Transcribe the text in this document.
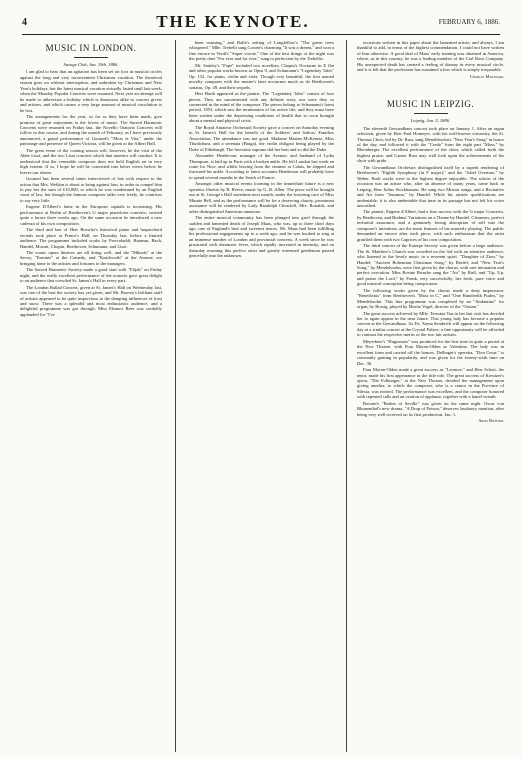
4	THE KEYNOTE.	FEBRUARY 6, 1886.
MUSIC IN LONDON.
Savage Club, Jan. 19th, 1886.

I am glad to hear that an agitation has been set on foot in musical circles against the long and very inconvenient Christmas vacation. The theatrical season goes on without interruption, and unbroken by Christmas and New Year's holidays, but the latest musical vacation virtually lasted until last week, when the Monday Popular Concerts were resumed. Next year an attempt will be made to abbreviate a holiday which is disastrous alike to concert givers and artistes, and which causes a very large amount of musical circulation to be lost.

The arrangements for the year, so far as they have been made, give promise of great enjoyment to the lovers of music. The Sacred Harmonic Concerts were resumed on Friday last, the Novello Oratorio Concerts will follow in due course, and during the month of February, as I have previously announced, a grand performance of Gounod's "Mors et Vita," under the patronage and presence of Queen Victoria, will be given at the Albert Hall.

The great event of the coming season will, however, be the visit of the Abbe Liszt, and the two Liszt concerts which that maestro will conduct. It is understood that the venerable composer does not hold English art in very high esteem. If so, I hope he will be converted into better views before he leaves our shores.

Gounod has been several times interviewed of late with respect to the action that Mrs. Weldon is about to bring against him, in order to compel him to pay her the sum of £10,000, to which he was condemned by an English court of law, but though the famous composer talks very freely, he contrives to say very little.

Eugene D'Albert's fame in the European capitals is increasing. His performance at Berlin of Beethoven's G major pianoforte concerto, created quite a furore three weeks ago. On the same occasion he introduced a new cadenza of his own composition.

The third and last of Herr Boswitz's historical piano and harpsichord recitals took place at Prince's Hall, on Thursday last, before a limited audience. The programme included works by Frescobaldi, Rameau, Bach, Handel, Mozart, Chopin, Beethoven, Schumann, and Liszt.

The comic opera theatres are all doing well, and the "Mikado" at the Savoy, "Erminie" at the Comedy, and "Kenilworth" at the Avenue, are bringing fame to the artistes and fortunes to the managers.

The Sacred Harmonic Society made a good start with "Elijah" on Friday night, and the really excellent performance of the oratorio gave great delight to an audience that crowded St. James's Hall in every part.

The London Ballad Concert, given at St. James's Hall on Wednesday last, was one of the best the society has yet given, and Mr. Boosey's brilliant staff of artistes appeared to be quite impervious to the damping influences of frost and snow. There was a splendid and most enthusiastic audience, and a delightful programme was got through. Miss Eleanor Rees was cordially applauded for "I've

been roaming," and Balfe's setting of Longfellow's "The green trees whispered." Mlle. Trebelli sang Cowen's charming "It was a dream," and won a fine encore in Verdi's "Super vorote." One of the best things of the night was the pretty duet "For ever and for ever," sung to perfection by the Trebellis.

Mr. Santley's "Pope" included two novelties, Chopin's Nocturne in E flat and other popular works known as Opus 9, and Schumann's "Legendary Tales" Op. 132, for piano, violin and viola. Though very beautiful, the first named novelty compares with the master's later nocturnes much as do Beethoven's sonatas, Op. 49, and their sequels.

Herr Barth appeared as the pianist. The "Legendary Tales" consist of four pieces. They are unconnected with any definite story, nor were they so connected in the mind of the composer. The pieces belong to Schumann's latest period, 1853, which saw the termination of his active life, and they must have been written under the depressing conditions of health that so soon brought about a mental and physical crisis.

The Royal Amateur Orchestral Society gave a concert on Saturday evening in St. James's Hall for the benefit of the Soldiers' and Sailors' Families Association. The attendance was not good. Madame Marian McKenzie, Miss Thudichum, and a serenata (Braga), the violin obligato being played by the Duke of Edinburgh. The favourite soprano did her best and so did the Duke.

Alexander Henderson, manager of the Avenue, and husband of Lydia Thompson, is laid up in Paris with a broken ankle. He left London last week en route for Nice, and whilst leaving from the steamer at Calais, he slipped and fractured his ankle. According to latest accounts Henderson will probably have to spend several months in the South of France.

Amongst other musical events looming in the immediate future is a new operetta, libretto by R. Reece, music by G. B. Allen. The piece will be brought out at St. George's Hall sometime next month, under the fostering care of Miss Minnie Bell, and as the performance will be for a deserving charity, prominent assistance will be rendered by Lady Randolph Churchill, Mrs. Ronalds, and other distinguished American amateurs.

The entire musical community has been plunged into grief through the sudden and lamented death of Joseph Maas, who was, up to three short days ago, one of England's best and sweetest tenors. Mr. Maas had been fulfilling his professional engagements up to a week ago, and he was booked to sing at an immense number of London and provincial concerts. A week since he was prostrated with rheumatic fever, which rapidly increased in intensity, and on Saturday morning this perfect artist and greatly esteemed gentleman passed peacefully into the unknown.

occasions written in this paper about the lamented artiste, and always, I am thankful to add, in terms of the highest commendation. I could not have written of him otherwise. A good deal of Maas' early training was obtained in America, where, as in this country, he was a leading member of the Carl Rosa Company. His unexpected death has created a feeling of dismay in every musical circle, and it is felt that the profession has sustained a loss which is simply irreparable.

Charles Millward.
MUSIC IN LEIPZIG.
Leipzig, Jan. 5, 1886.

The eleventh Gewandhaus concert took place on January 1. After an organ selection, given by Herr Paul Homeyer, with his well-known virtuosity, the St. Thomas Choir, led by Dr. Rust, sang Mendelssohn's "New Year's Song" in honor of the day, and followed it with the "Credo" from the eight part "Mass," by Rheinberger. The excellent performance of the choir, which called forth the highest praise, and Cantor Rust may well look upon the achievements of his choir with pride.

The Gewandhaus Orchestra distinguished itself by a superb rendering of Beethoven's "Eighth Symphony (in F major)," and the "Jubel Overture," by Weber. Both works were to the highest degree enjoyable. The soloist of the occasion was an artiste who, after an absence of many years, came back in Leipzig, Herr Julius Stockhausen. He sang two Mozart songs, and a Recitative and Air from "Susanna," by Handel. While his artistic qualifications are undeniable, it is also undeniable that time in its passage has not left his voice unscathed.

The pianist, Eugene d'Albert, had a fine success with the G major Concerto, by Beethoven, and Brahms' Variations on a Theme by Handel. Clearness, perfect technical assurance, and a genuinely loving absorption of self into the composer's intentions, are the main features of his masterly playing. The public demanded an encore after each piece, with such enthusiasm that the artist gratified them with two Caprices of his own composition.

The third concert of the Euterpe Society was given before a large audience. The St. Matthew's Church was crowded on the 3rd with an attentive audience, who listened to the lovely music in a reverent spirit. "Daughter of Zion," by Handel; "Ancient Bohemian Christmas Song," by Riedel; and "New Year's Song," by Mendelssohn, were first given by the chorus, with rare intonation and perfect execution. Miss Rosine Brincke sang the "Air" by Raff, and "Up, Up, and praise the Lord," by Frank, very successfully; her fresh, pure voice and good musical conception being conspicuous.

The following works given by the chorus made a deep impression: "Benedictus" from Beethoven's "Mass in C," and "One Hundredth Psalm," by Mendelssohn. This fine programme was completed by an "Andantino" for organ, by Brosig, played by Moritz Vogel, director of the "Ossian."

The great success achieved by Mlle. Teresina Tua in her last visit has decided her to again appear in the near future. This young lady has become a popular concert at the Gewandhaus. As Fri. Xema Sembrich will appear on the following day at a similar concert at the Crystal Palace, a fine opportunity will be afforded to contrast the respective merits of the two fair artistes.

Meyerbeer's "Huguenots" was produced for the first time in quite a period at the New Theatre, with Frau Moran-Olden as Valentine. The lady was in excellent form and carried off the honors. Dellinger's operetta, "Don Cesar," is constantly gaining in popularity, and was given for the twenty-sixth time on Dec. 30.

Frau Moran-Olden made a great success as "Leonore," and Herr Schott, the tenor, made his first appearance in the title role. The great success of Kreutzer's opera, "Die Folkunger," at the New Theatre, decided the management upon giving another, to which the composer, who is a cantor in the Province of Silesia, was invited. The performance was excellent, and the composer honored with repeated calls and an ovation of applause, together with a laurel wreath.

Rossini's "Barber of Seville" was given on the same night. Oscar von Blumenthal's new drama, "A Drop of Poison," deserves laudatory mention, after being very well received on its first production, Jan. 1.

Arno Richter.
